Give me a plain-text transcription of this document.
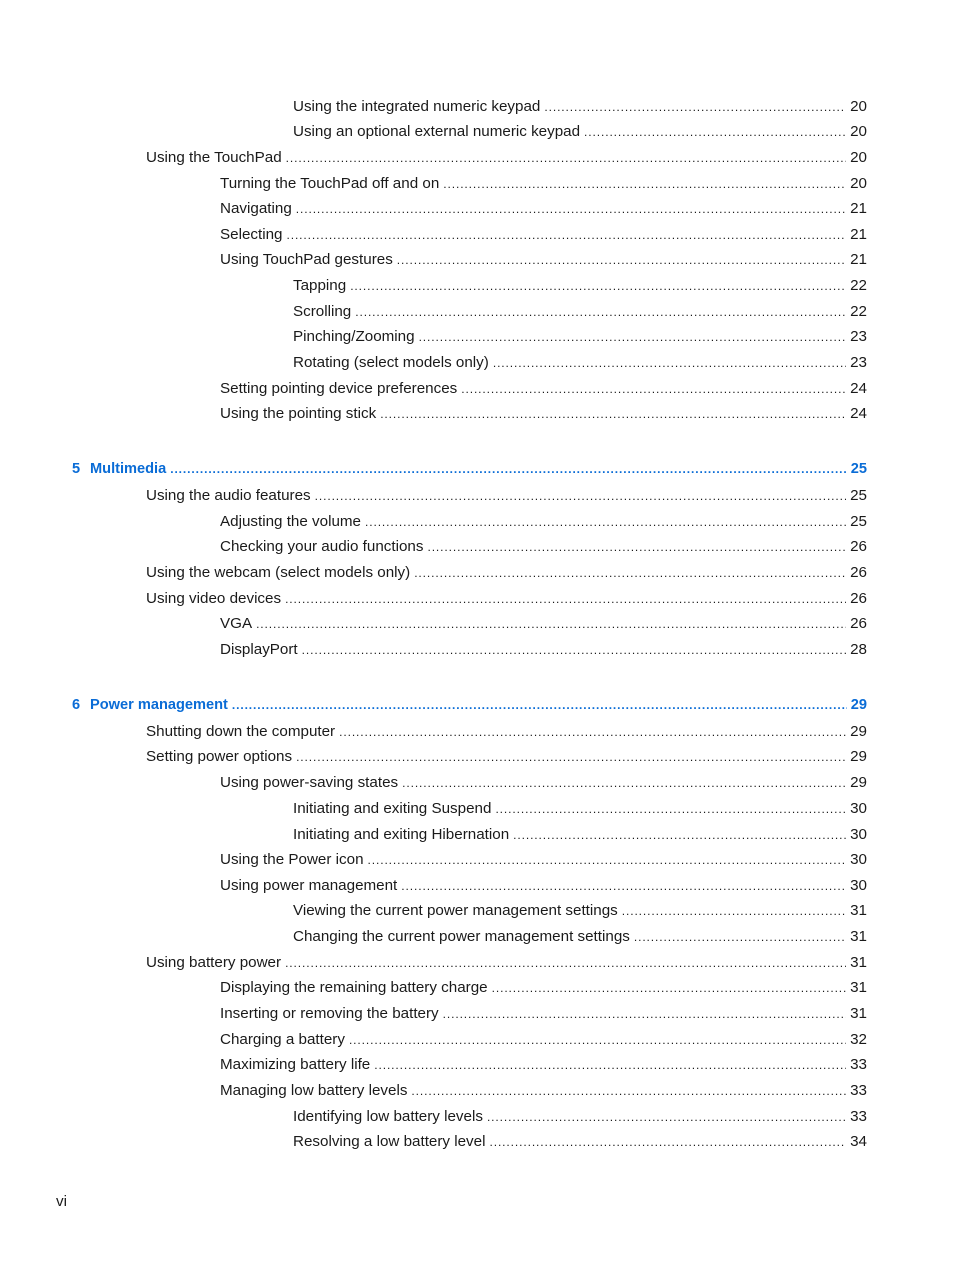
Using the integrated numeric keypad .....	20
Using an optional external numeric keypad .....	20
Using the TouchPad .....	20
Turning the TouchPad off and on .....	20
Navigating .....	21
Selecting .....	21
Using TouchPad gestures .....	21
Tapping .....	22
Scrolling .....	22
Pinching/Zooming .....	23
Rotating (select models only) .....	23
Setting pointing device preferences .....	24
Using the pointing stick .....	24
5 Multimedia .....	25
Using the audio features .....	25
Adjusting the volume .....	25
Checking your audio functions .....	26
Using the webcam (select models only) .....	26
Using video devices .....	26
VGA .....	26
DisplayPort .....	28
6 Power management .....	29
Shutting down the computer .....	29
Setting power options .....	29
Using power-saving states .....	29
Initiating and exiting Suspend .....	30
Initiating and exiting Hibernation .....	30
Using the Power icon .....	30
Using power management .....	30
Viewing the current power management settings .....	31
Changing the current power management settings .....	31
Using battery power .....	31
Displaying the remaining battery charge .....	31
Inserting or removing the battery .....	31
Charging a battery .....	32
Maximizing battery life .....	33
Managing low battery levels .....	33
Identifying low battery levels .....	33
Resolving a low battery level .....	34
vi
